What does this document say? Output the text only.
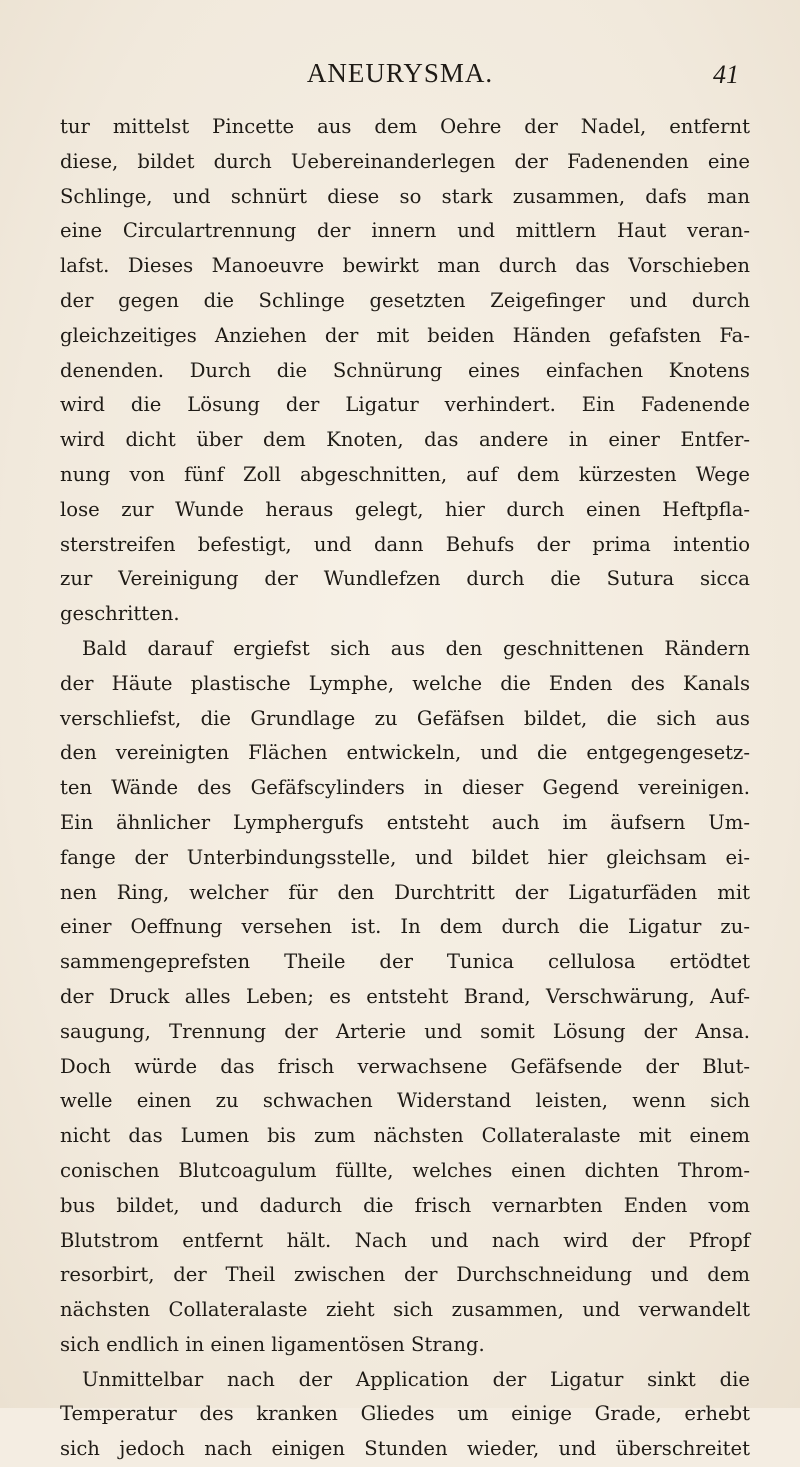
ANEURYSMA.	41
tur mittelst Pincette aus dem Oehre der Nadel, entfernt
diese, bildet durch Uebereinanderlegen der Fadenenden eine
Schlinge, und schnürt diese so stark zusammen, dafs man
eine Circulartrennung der innern und mittlern Haut veran-
lafst. Dieses Manoeuvre bewirkt man durch das Vorschieben
der gegen die Schlinge gesetzten Zeigefinger und durch
gleichzeitiges Anziehen der mit beiden Händen gefafsten Fa-
denenden. Durch die Schnürung eines einfachen Knotens
wird die Lösung der Ligatur verhindert. Ein Fadenende
wird dicht über dem Knoten, das andere in einer Entfer-
nung von fünf Zoll abgeschnitten, auf dem kürzesten Wege
lose zur Wunde heraus gelegt, hier durch einen Heftpfla-
sterstreifen befestigt, und dann Behufs der prima intentio
zur Vereinigung der Wundlefzen durch die Sutura sicca
geschritten.
Bald darauf ergiefst sich aus den geschnittenen Rändern
der Häute plastische Lymphe, welche die Enden des Kanals
verschliefst, die Grundlage zu Gefäfsen bildet, die sich aus
den vereinigten Flächen entwickeln, und die entgegengesetz-
ten Wände des Gefäfscylinders in dieser Gegend vereinigen.
Ein ähnlicher Lymphergufs entsteht auch im äufsern Um-
fange der Unterbindungsstelle, und bildet hier gleichsam ei-
nen Ring, welcher für den Durchtritt der Ligaturfäden mit
einer Oeffnung versehen ist. In dem durch die Ligatur zu-
sammengeprefsten Theile der Tunica cellulosa ertödtet
der Druck alles Leben; es entsteht Brand, Verschwärung, Auf-
saugung, Trennung der Arterie und somit Lösung der Ansa.
Doch würde das frisch verwachsene Gefäfsende der Blut-
welle einen zu schwachen Widerstand leisten, wenn sich
nicht das Lumen bis zum nächsten Collateralaste mit einem
conischen Blutcoagulum füllte, welches einen dichten Throm-
bus bildet, und dadurch die frisch vernarbten Enden vom
Blutstrom entfernt hält. Nach und nach wird der Pfropf
resorbirt, der Theil zwischen der Durchschneidung und dem
nächsten Collateralaste zieht sich zusammen, und verwandelt
sich endlich in einen ligamentösen Strang.
Unmittelbar nach der Application der Ligatur sinkt die
Temperatur des kranken Gliedes um einige Grade, erhebt
sich jedoch nach einigen Stunden wieder, und überschreitet
